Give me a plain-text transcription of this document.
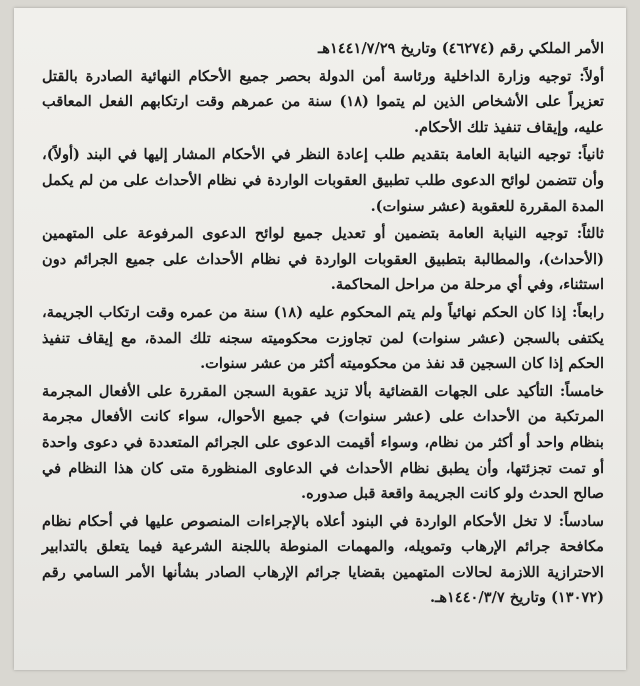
الأمر الملكي رقم (٤٦٢٧٤) وتاريخ ١٤٤١/٧/٢٩هـ

أولاً: توجيه وزارة الداخلية ورئاسة أمن الدولة بحصر جميع الأحكام النهائية الصادرة بالقتل تعزيراً على الأشخاص الذين لم يتموا (١٨) سنة من عمرهم وقت ارتكابهم الفعل المعاقب عليه، وإيقاف تنفيذ تلك الأحكام.

ثانياً: توجيه النيابة العامة بتقديم طلب إعادة النظر في الأحكام المشار إليها في البند (أولاً)، وأن تتضمن لوائح الدعوى طلب تطبيق العقوبات الواردة في نظام الأحداث على من لم يكمل المدة المقررة للعقوبة (عشر سنوات).

ثالثاً: توجيه النيابة العامة بتضمين أو تعديل جميع لوائح الدعوى المرفوعة على المتهمين (الأحداث)، والمطالبة بتطبيق العقوبات الواردة في نظام الأحداث على جميع الجرائم دون استثناء، وفي أي مرحلة من مراحل المحاكمة.

رابعاً: إذا كان الحكم نهائياً ولم يتم المحكوم عليه (١٨) سنة من عمره وقت ارتكاب الجريمة، يكتفى بالسجن (عشر سنوات) لمن تجاوزت محكوميته سجنه تلك المدة، مع إيقاف تنفيذ الحكم إذا كان السجين قد نفذ من محكوميته أكثر من عشر سنوات.

خامساً: التأكيد على الجهات القضائية بألا تزيد عقوبة السجن المقررة على الأفعال المجرمة المرتكبة من الأحداث على (عشر سنوات) في جميع الأحوال، سواء كانت الأفعال مجرمة بنظام واحد أو أكثر من نظام، وسواء أقيمت الدعوى على الجرائم المتعددة في دعوى واحدة أو تمت تجزئتها، وأن يطبق نظام الأحداث في الدعاوى المنظورة متى كان هذا النظام في صالح الحدث ولو كانت الجريمة واقعة قبل صدوره.

سادساً: لا تخل الأحكام الواردة في البنود أعلاه بالإجراءات المنصوص عليها في أحكام نظام مكافحة جرائم الإرهاب وتمويله، والمهمات المنوطة باللجنة الشرعية فيما يتعلق بالتدابير الاحترازية اللازمة لحالات المتهمين بقضايا جرائم الإرهاب الصادر بشأنها الأمر السامي رقم (١٣٠٧٢) وتاريخ ١٤٤٠/٣/٧هـ.
